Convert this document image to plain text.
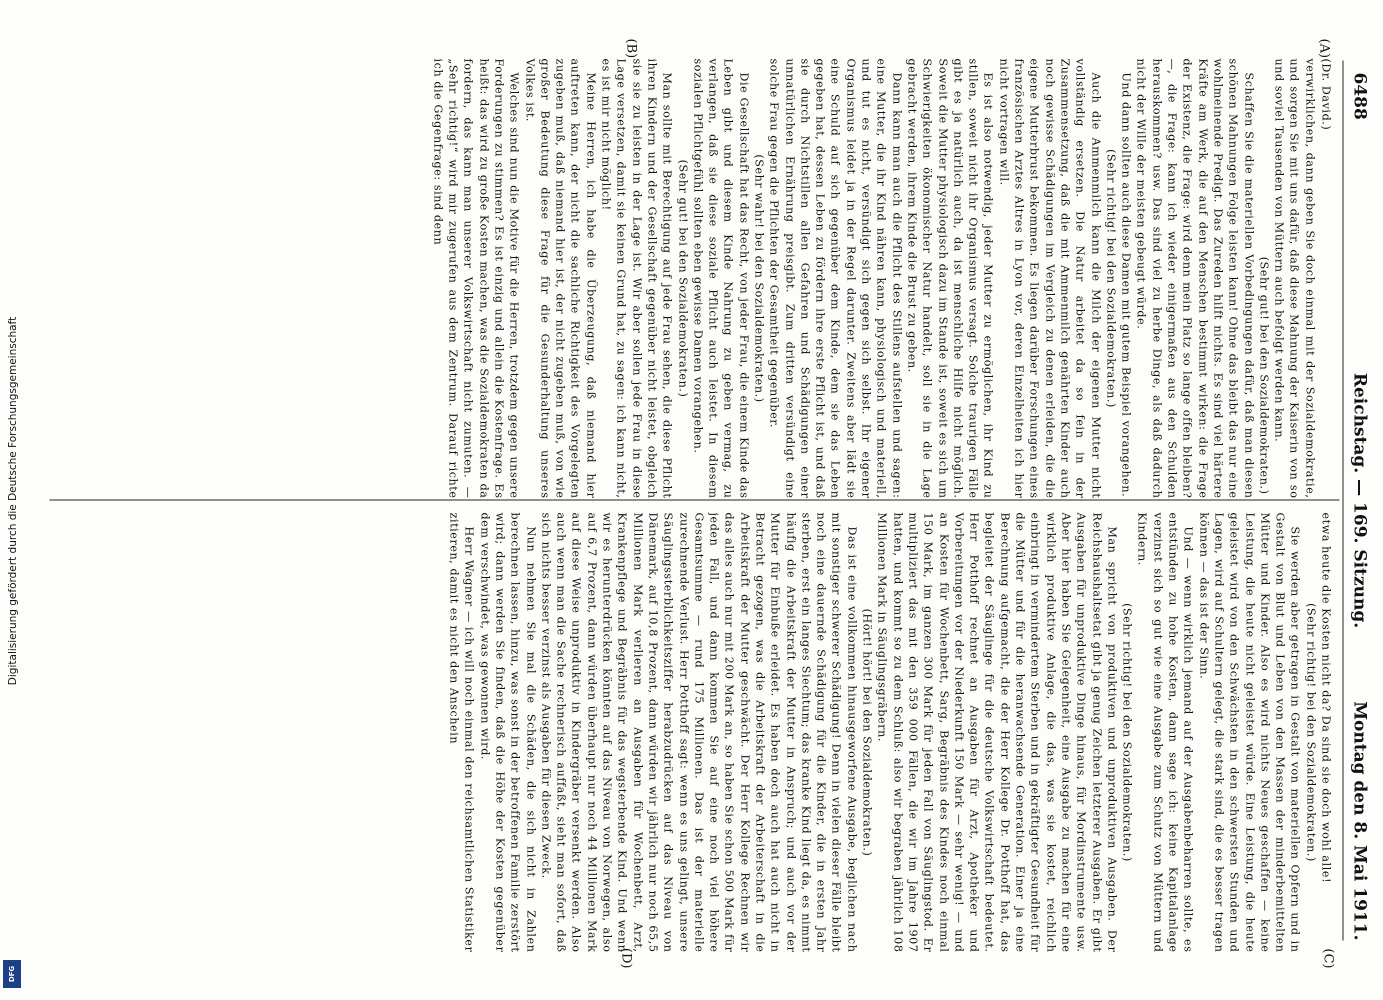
6488
Reichstag. — 169. Sitzung.
Montag den 8. Mai 1911.
(A)
(B)
(C)
(D)

(Dr. David.)

verwirklichen, dann geben Sie doch einmal mit der Sozialdemokratie, und sorgen Sie mit uns dafür, daß diese Mahnung der Kaiserin von so und soviel Tausenden von Müttern auch befolgt werden kann.

(Sehr gut! bei den Sozialdemokraten.)

Schaffen Sie die materiellen Vorbedingungen dafür, daß man diesen schönen Mahnungen Folge leisten kann! Ohne das bleibt das nur eine wohlmeinende Predigt. Das Zureden hilft nichts. Es sind viel härtere Kräfte am Werk, die auf den Menschen bestimmt wirken: die Frage der Existenz, die Frage: wird denn mein Platz so lange offen bleiben? —, die Frage: kann ich wieder einigermaßen aus den Schulden herauskommen? usw. Das sind viel zu herbe Dinge, als daß dadurch nicht der Wille der meisten gebeugt würde.

Und dann sollten auch diese Damen mit gutem Beispiel vorangehen.

(Sehr richtig! bei den Sozialdemokraten.)

Auch die Ammenmilch kann die Milch der eigenen Mutter nicht vollständig ersetzen. Die Natur arbeitet da so fein in der Zusammensetzung, daß die mit Ammenmilch genährten Kinder auch noch gewisse Schädigungen im Vergleich zu denen erleiden, die die eigene Mutterbrust bekommen. Es liegen darüber Forschungen eines französischen Arztes Altres in Lyon vor, deren Einzelheiten ich hier nicht vortragen will.

Es ist also notwendig, jeder Mutter zu ermöglichen, ihr Kind zu stillen, soweit nicht ihr Organismus versagt. Solche traurigen Fälle gibt es ja natürlich auch, da ist menschliche Hilfe nicht möglich. Soweit die Mutter physiologisch dazu im Stande ist, soweit es sich um Schwierigkeiten ökonomischer Natur handelt, soll sie in die Lage gebracht werden, ihrem Kinde die Brust zu geben.

Dann kann man auch die Pflicht des Stillens aufstellen und sagen: eine Mutter, die ihr Kind nähren kann, physiologisch und materiell, und tut es nicht, versündigt sich gegen sich selbst. Ihr eigener Organismus leidet ja in der Regel darunter. Zweitens aber lädt sie eine Schuld auf sich gegenüber dem Kinde, dem sie das Leben gegeben hat, dessen Leben zu fördern ihre erste Pflicht ist, und daß sie durch Nichtstillen allen Gefahren und Schädigungen einer unnatürlichen Ernährung preisgibt. Zum dritten versündigt eine solche Frau gegen die Pflichten der Gesamtheit gegenüber.

(Sehr wahr! bei den Sozialdemokraten.)

Die Gesellschaft hat das Recht, von jeder Frau, die einem Kinde das Leben gibt und diesem Kinde Nahrung zu geben vermag, zu verlangen, daß sie diese soziale Pflicht auch leistet. In diesem sozialen Pflichtgefühl sollten eben gewisse Damen vorangehen.

(Sehr gut! bei den Sozialdemokraten.)

Man sollte mit Berechtigung auf jede Frau sehen, die diese Pflicht ihren Kindern und der Gesellschaft gegenüber nicht leistet, obgleich sie sie zu leisten in der Lage ist. Wir aber sollen jede Frau in diese Lage versetzen, damit sie keinen Grund hat, zu sagen: ich kann nicht, es ist mir nicht möglich!

Meine Herren, ich habe die Überzeugung, daß niemand hier auftreten kann, der nicht die sachliche Richtigkeit des Vorgelegten zugeben muß, daß niemand hier ist, der nicht zugeben muß, von wie großer Bedeutung diese Frage für die Gesunderhaltung unseres Volkes ist.

Welches sind nun die Motive für die Herren, trotzdem gegen unsere Forderungen zu stimmen? Es ist einzig und allein die Kostenfrage. Es heißt: das wird zu große Kosten machen, was die Sozialdemokraten da fordern, das kann man unserer Volkswirtschaft nicht zumuten. — „Sehr richtig!“ wird mir zugerufen aus dem Zentrum. Darauf richte ich die Gegenfrage: sind denn

etwa heute die Kosten nicht da? Da sind sie doch wohl alle!

(Sehr richtig! bei den Sozialdemokraten.)

Sie werden aber getragen in Gestalt von materiellen Opfern und in Gestalt von Blut und Leben von den Massen der minderbemittelten Mütter und Kinder. Also es wird nichts Neues geschaffen — keine Leistung, die heute nicht geleistet würde. Eine Leistung, die heute geleistet wird von den Schwächsten in den schwersten Stunden und Lagen, wird auf Schultern gelegt, die stark sind, die es besser tragen können — das ist der Sinn.

Und — wenn wirklich jemand auf der Ausgabenbeharren sollte, es entstünden zu hohe Kosten, dann sage ich: keine Kapitalanlage verzinst sich so gut wie eine Ausgabe zum Schutz von Müttern und Kindern.

(Sehr richtig! bei den Sozialdemokraten.)

Man spricht von produktiven und unproduktiven Ausgaben. Der Reichshaushaltsetat gibt ja genug Zeichen letzterer Ausgaben. Er gibt Ausgaben für unproduktive Dinge hinaus, für Mordinstrumente usw. Aber hier haben Sie Gelegenheit, eine Ausgabe zu machen für eine wirklich produktive Anlage, die das, was sie kostet, reichlich einbringt in vermindertem Sterben und in gekräftigter Gesundheit für die Mütter und für die heranwachsende Generation. Einer ja eine Berechnung aufgemacht, die der Herr Kollege Dr. Potthoff hat, das begleitet der Säuglinge für die deutsche Volkswirtschaft bedeutet. Herr Potthoff rechnet an Ausgaben für Arzt, Apotheker und Vorbereitungen vor der Niederkunft 150 Mark — sehr wenig! — und an Kosten für Wochenbett, Sarg, Begräbnis des Kindes noch einmal 150 Mark, im ganzen 300 Mark für jeden Fall von Säuglingstod. Er multipliziert das mit den 359 000 Fällen, die wir im Jahre 1907 hatten, und kommt so zu dem Schluß: also wir begraben jährlich 108 Millionen Mark in Säuglingsgräbern.

(Hört! hört! bei den Sozialdemokraten.)

Das ist eine vollkommen hinausgeworfene Ausgabe, beglichen nach mit sonstiger schwerer Schädigung! Denn in vielen dieser Fälle bleibt noch eine dauernde Schädigung für die Kinder, die in ersten Jahr sterben, erst ein langes Siechtum; das kranke Kind liegt da, es nimmt häufig die Arbeitskraft der Mutter in Anspruch; und auch vor der Mutter für Einbuße erleidet. Es haben doch auch hat auch nicht in Betracht gezogen, was die Arbeitskraft der Arbeiterschaft in die Arbeitskraft der Mutter geschwächt. Der Herr Kollege Rechnen wir das alles auch nur mit 200 Mark an, so haben Sie schon 500 Mark für jeden Fall, und dann kommen Sie auf eine noch viel höhere Gesamtsumme — rund 175 Millionen. Das ist der materielle zurechnende Verlust. Herr Potthoff sagt: wenn es uns gelingt, unsere Säuglingssterblichkeitsziffer herabzudrücken auf das Niveau von Dänemark, auf 10,8 Prozent, dann würden wir jährlich nur noch 65,5 Millionen Mark verlieren an Ausgaben für Wochenbett, Arzt, Krankenpflege und Begräbnis für das wegsterbende Kind. Und wenn wir es herunterdrücken könnten auf das Niveau von Norwegen, also auf 6,7 Prozent, dann würden überhaupt nur noch 44 Millionen Mark auf diese Weise unproduktiv in Kindergräber versenkt werden. Also auch wenn man die Sache rechnerisch auffaßt, sieht man sofort, daß sich nichts besser verzinst als Ausgaben für diesen Zweck.

Nun nehmen Sie mal die Schäden, die sich nicht in Zahlen berechnen lassen, hinzu, was sonst in der betroffenen Familie zerstört wird; dann werden Sie finden, daß die Höhe der Kosten gegenüber dem verschwindet, was gewonnen wird.

Herr Wagner — ich will noch einmal den reichsamtlichen Statistiker zitieren, damit es nicht den Anschein

Digitalisierung gefördert durch die Deutsche Forschungsgemeinschaft
DFG
